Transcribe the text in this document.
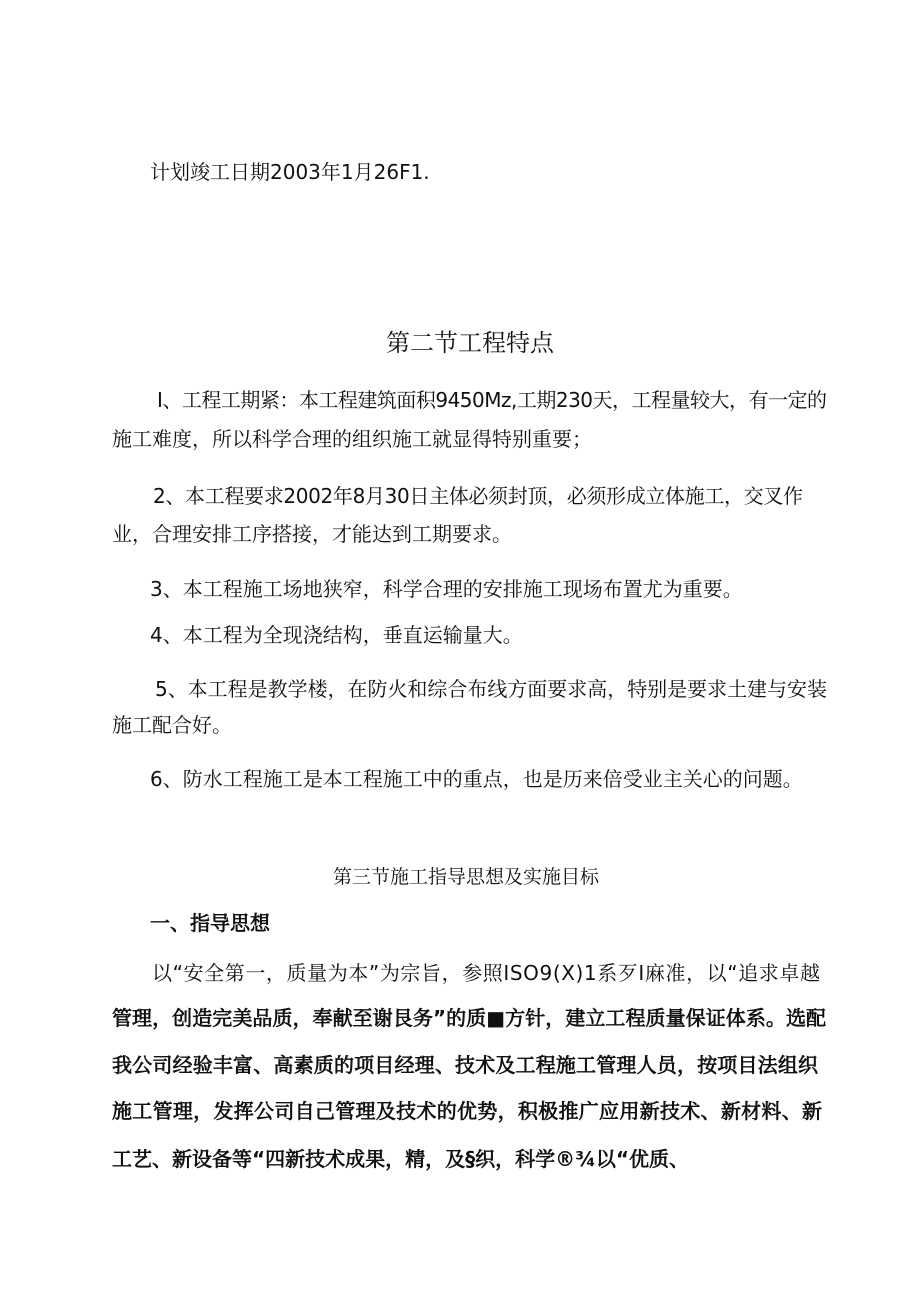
计划竣工日期2003年1月26F1.
第二节工程特点
I、工程工期紧：本工程建筑面积9450Mz,工期230天，工程量较大，有一定的
施工难度，所以科学合理的组织施工就显得特别重要；
2、本工程要求2002年8月30日主体必须封顶，必须形成立体施工，交叉作
业，合理安排工序搭接，才能达到工期要求。
3、本工程施工场地狭窄，科学合理的安排施工现场布置尤为重要。
4、本工程为全现浇结构，垂直运输量大。
5、本工程是教学楼，在防火和综合布线方面要求高，特别是要求土建与安装
施工配合好。
6、防水工程施工是本工程施工中的重点，也是历来倍受业主关心的问题。
第三节施工指导思想及实施目标
一、指导思想
以“安全第一，质量为本”为宗旨，参照ISO9(X)1系歹I麻准，以“追求卓越
管理，创造完美品质，奉献至谢艮务”的质■方针，建立工程质量保证体系。选配
我公司经验丰富、高素质的项目经理、技术及工程施工管理人员，按项目法组织
施工管理，发挥公司自己管理及技术的优势，积极推广应用新技术、新材料、新
工艺、新设备等“四新技术成果，精，及§织，科学®¾以“优质、
